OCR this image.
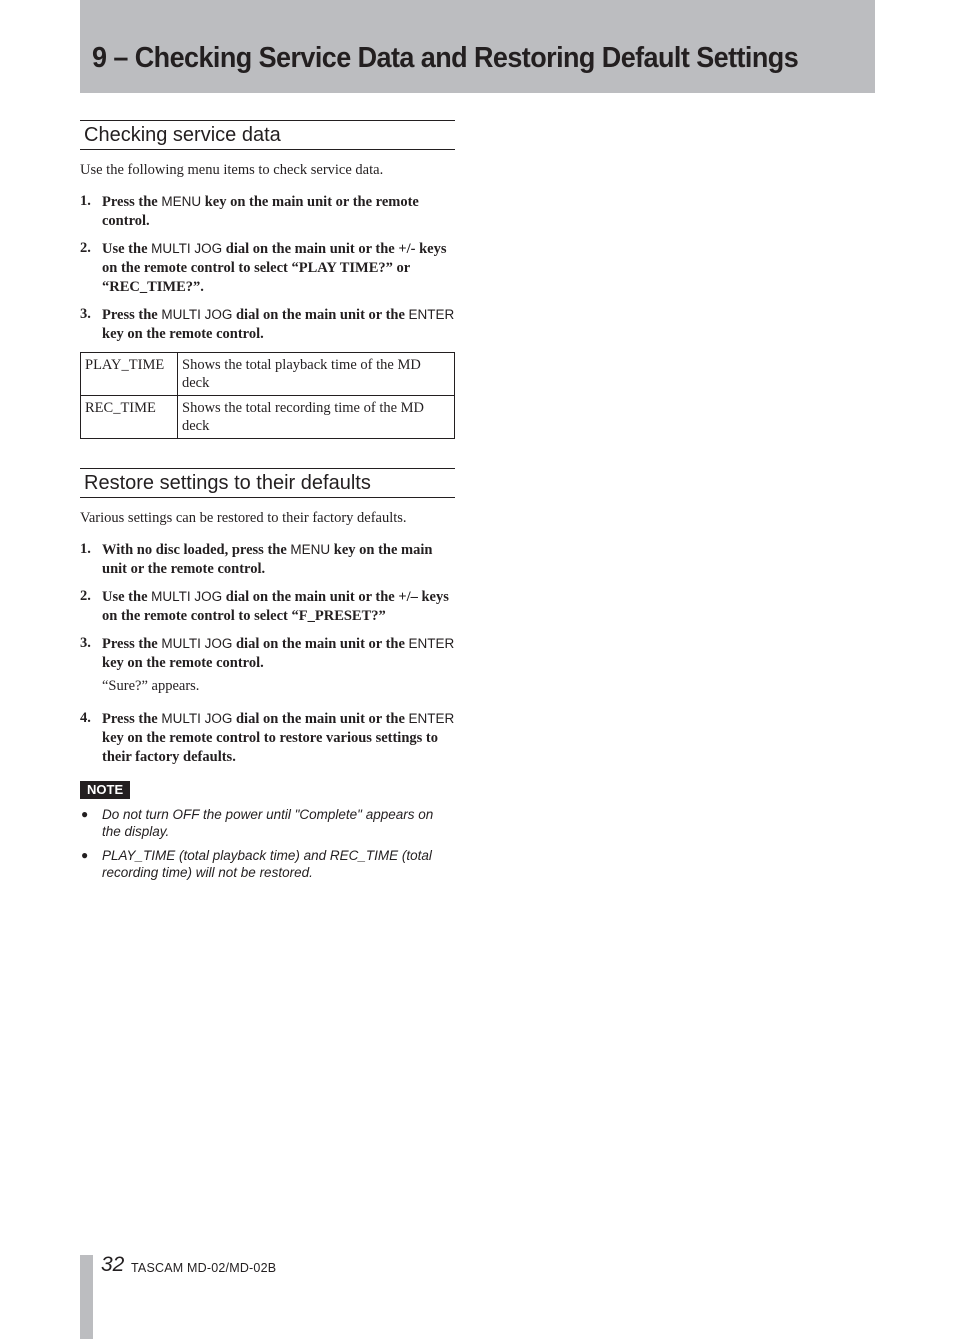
9 – Checking Service Data and Restoring Default Settings
Checking service data

Use the following menu items to check service data.

1. Press the MENU key on the main unit or the remote control.
2. Use the MULTI JOG dial on the main unit or the +/- keys on the remote control to select “PLAY TIME?” or “REC_TIME?”.
3. Press the MULTI JOG dial on the main unit or the ENTER key on the remote control.
PLAY_TIME	Shows the total playback time of the MD deck
REC_TIME	Shows the total recording time of the MD deck
Restore settings to their defaults

Various settings can be restored to their factory defaults.

1. With no disc loaded, press the MENU key on the main unit or the remote control.
2. Use the MULTI JOG dial on the main unit or the +/– keys on the remote control to select “F_PRESET?”
3. Press the MULTI JOG dial on the main unit or the ENTER key on the remote control.
“Sure?” appears.
4. Press the MULTI JOG dial on the main unit or the ENTER key on the remote control to restore various settings to their factory defaults.
NOTE
● Do not turn OFF the power until "Complete" appears on the display.
● PLAY_TIME (total playback time) and REC_TIME (total recording time) will not be restored.
32 TASCAM MD-02/MD-02B
